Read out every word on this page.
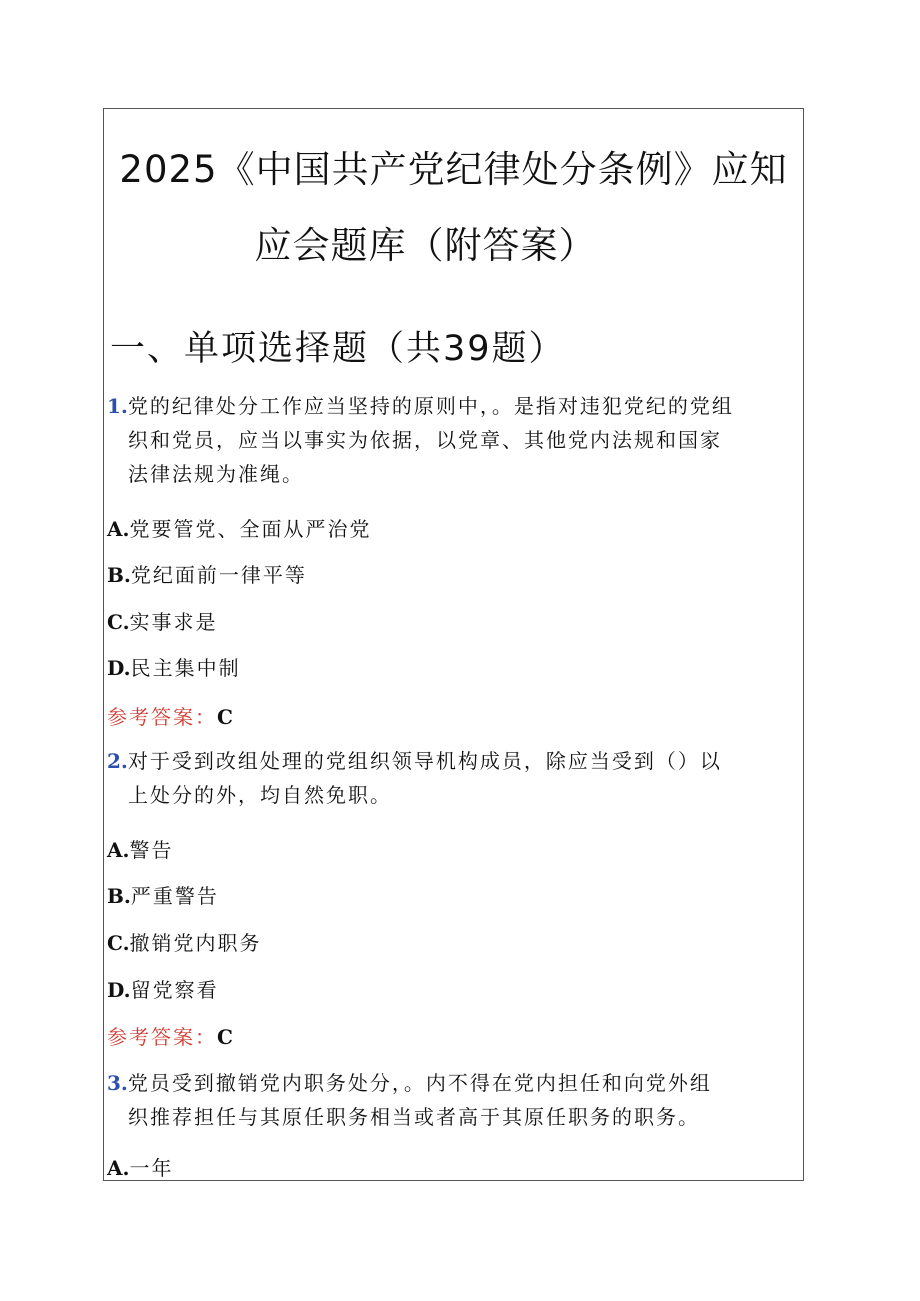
2025《中国共产党纪律处分条例》应知
应会题库（附答案）
一、单项选择题（共39题）
1.党的纪律处分工作应当坚持的原则中，。是指对违犯党纪的党组
织和党员，应当以事实为依据，以党章、其他党内法规和国家
法律法规为准绳。
A.党要管党、全面从严治党
B.党纪面前一律平等
C.实事求是
D.民主集中制
参考答案：C
2.对于受到改组处理的党组织领导机构成员，除应当受到（）以
上处分的外，均自然免职。
A.警告
B.严重警告
C.撤销党内职务
D.留党察看
参考答案：C
3.党员受到撤销党内职务处分，。内不得在党内担任和向党外组
织推荐担任与其原任职务相当或者高于其原任职务的职务。
A.一年
